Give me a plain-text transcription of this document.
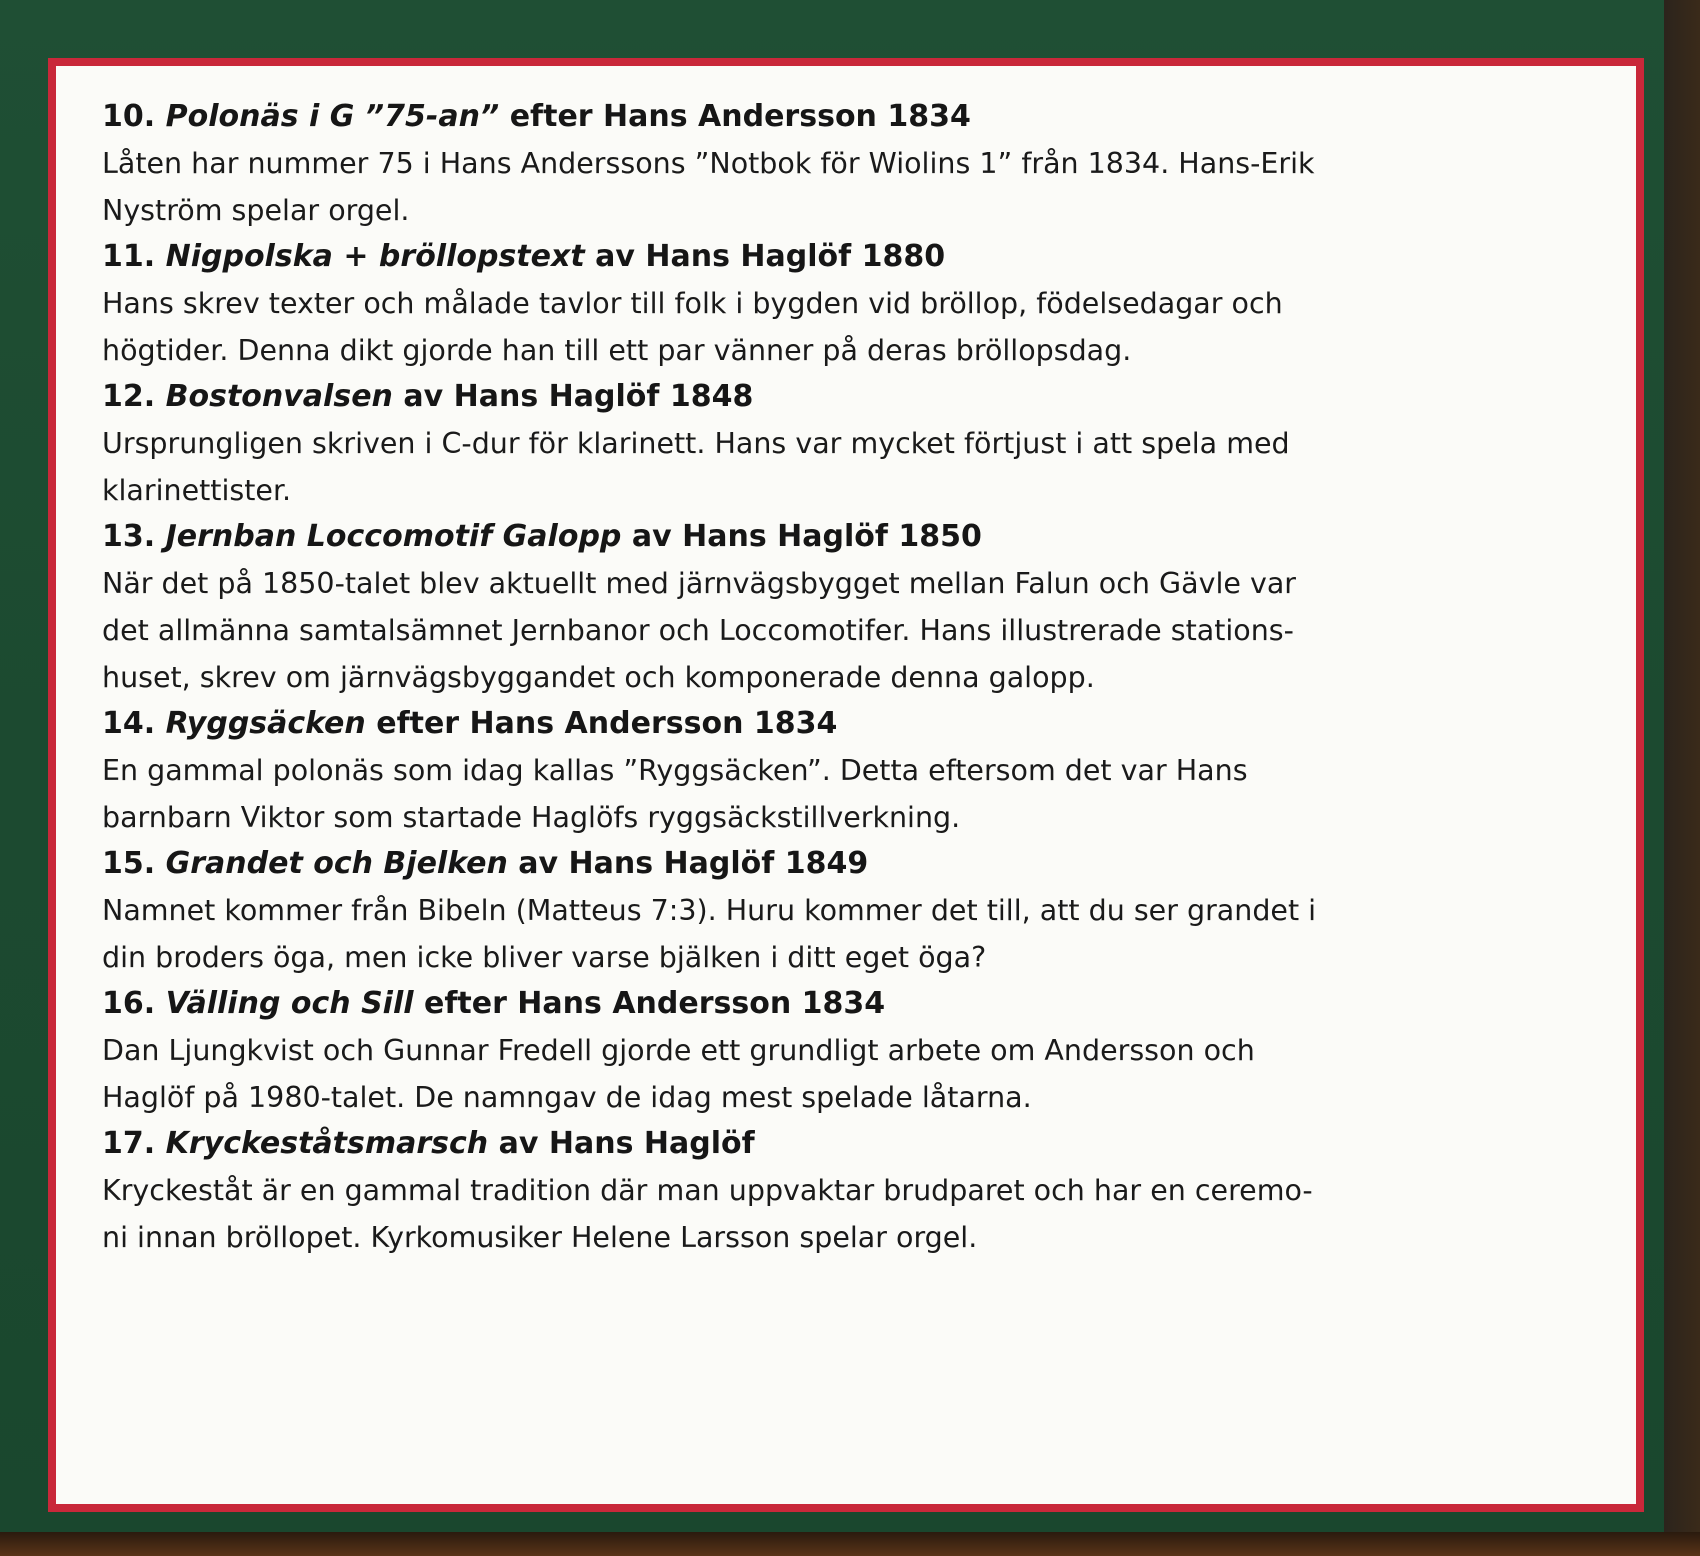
10. Polonäs i G ”75-an” efter Hans Andersson 1834
Låten har nummer 75 i Hans Anderssons ”Notbok för Wiolins 1” från 1834. Hans-Erik
Nyström spelar orgel.
11. Nigpolska + bröllopstext av Hans Haglöf 1880
Hans skrev texter och målade tavlor till folk i bygden vid bröllop, födelsedagar och
högtider. Denna dikt gjorde han till ett par vänner på deras bröllopsdag.
12. Bostonvalsen av Hans Haglöf 1848
Ursprungligen skriven i C-dur för klarinett. Hans var mycket förtjust i att spela med
klarinettister.
13. Jernban Loccomotif Galopp av Hans Haglöf 1850
När det på 1850-talet blev aktuellt med järnvägsbygget mellan Falun och Gävle var
det allmänna samtalsämnet Jernbanor och Loccomotifer. Hans illustrerade stations-
huset, skrev om järnvägsbyggandet och komponerade denna galopp.
14. Ryggsäcken efter Hans Andersson 1834
En gammal polonäs som idag kallas ”Ryggsäcken”. Detta eftersom det var Hans
barnbarn Viktor som startade Haglöfs ryggsäckstillverkning.
15. Grandet och Bjelken av Hans Haglöf 1849
Namnet kommer från Bibeln (Matteus 7:3). Huru kommer det till, att du ser grandet i
din broders öga, men icke bliver varse bjälken i ditt eget öga?
16. Välling och Sill efter Hans Andersson 1834
Dan Ljungkvist och Gunnar Fredell gjorde ett grundligt arbete om Andersson och
Haglöf på 1980-talet. De namngav de idag mest spelade låtarna.
17. Kryckeståtsmarsch av Hans Haglöf
Kryckeståt är en gammal tradition där man uppvaktar brudparet och har en ceremo-
ni innan bröllopet. Kyrkomusiker Helene Larsson spelar orgel.
